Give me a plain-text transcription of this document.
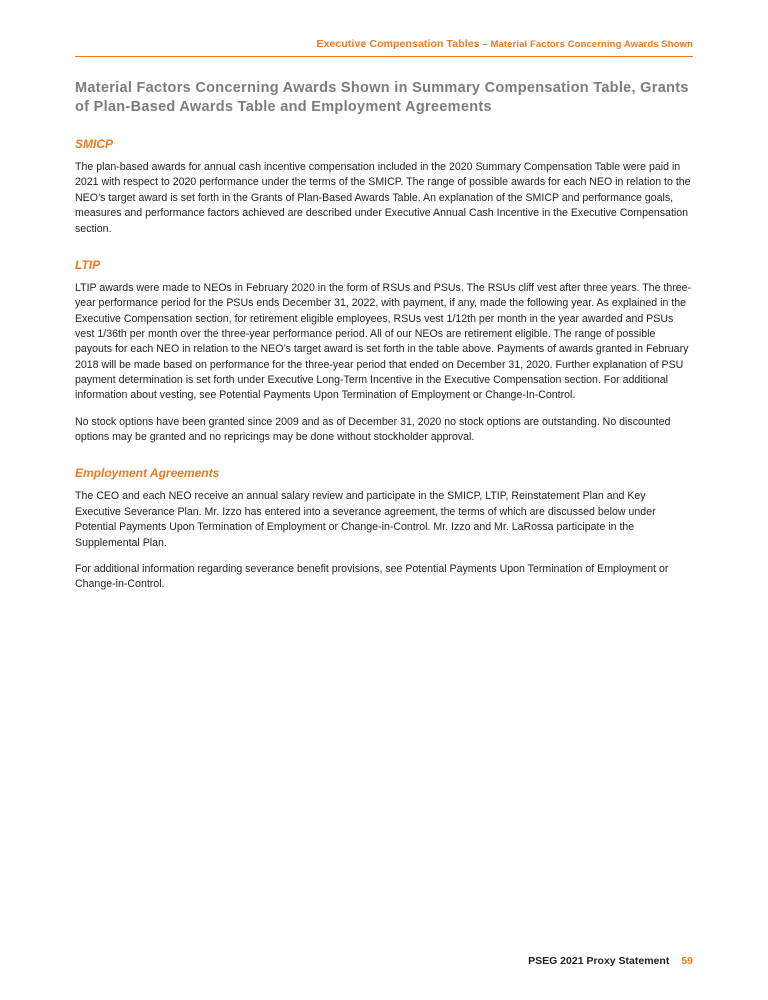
Executive Compensation Tables – Material Factors Concerning Awards Shown
Material Factors Concerning Awards Shown in Summary Compensation Table, Grants of Plan-Based Awards Table and Employment Agreements
SMICP

The plan-based awards for annual cash incentive compensation included in the 2020 Summary Compensation Table were paid in 2021 with respect to 2020 performance under the terms of the SMICP. The range of possible awards for each NEO in relation to the NEO’s target award is set forth in the Grants of Plan-Based Awards Table. An explanation of the SMICP and performance goals, measures and performance factors achieved are described under Executive Annual Cash Incentive in the Executive Compensation section.

LTIP

LTIP awards were made to NEOs in February 2020 in the form of RSUs and PSUs. The RSUs cliff vest after three years. The three-year performance period for the PSUs ends December 31, 2022, with payment, if any, made the following year. As explained in the Executive Compensation section, for retirement eligible employees, RSUs vest 1/12th per month in the year awarded and PSUs vest 1/36th per month over the three-year performance period. All of our NEOs are retirement eligible. The range of possible payouts for each NEO in relation to the NEO’s target award is set forth in the table above. Payments of awards granted in February 2018 will be made based on performance for the three-year period that ended on December 31, 2020. Further explanation of PSU payment determination is set forth under Executive Long-Term Incentive in the Executive Compensation section. For additional information about vesting, see Potential Payments Upon Termination of Employment or Change-In-Control.

No stock options have been granted since 2009 and as of December 31, 2020 no stock options are outstanding. No discounted options may be granted and no repricings may be done without stockholder approval.

Employment Agreements

The CEO and each NEO receive an annual salary review and participate in the SMICP, LTIP, Reinstatement Plan and Key Executive Severance Plan. Mr. Izzo has entered into a severance agreement, the terms of which are discussed below under Potential Payments Upon Termination of Employment or Change-in-Control. Mr. Izzo and Mr. LaRossa participate in the Supplemental Plan.

For additional information regarding severance benefit provisions, see Potential Payments Upon Termination of Employment or Change-in-Control.

PSEG 2021 Proxy Statement 59
